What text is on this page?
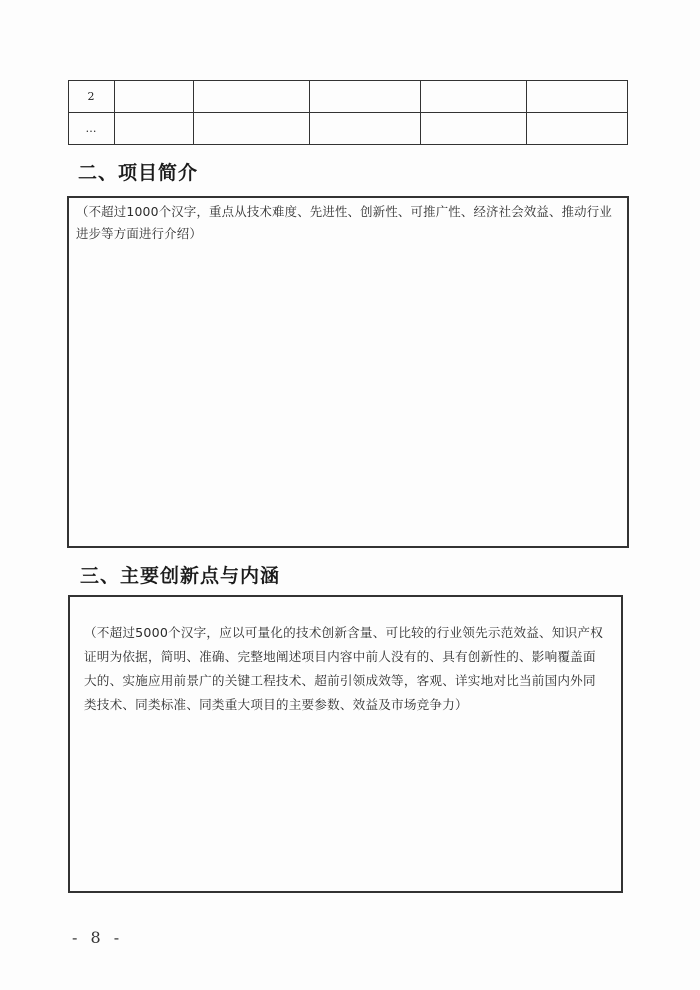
2					
…					
二、项目简介
（不超过1000个汉字，重点从技术难度、先进性、创新性、可推广性、经济社会效益、推动行业进步等方面进行介绍）
三、主要创新点与内涵
（不超过5000个汉字，应以可量化的技术创新含量、可比较的行业领先示范效益、知识产权证明为依据，简明、准确、完整地阐述项目内容中前人没有的、具有创新性的、影响覆盖面大的、实施应用前景广的关键工程技术、超前引领成效等，客观、详实地对比当前国内外同类技术、同类标准、同类重大项目的主要参数、效益及市场竞争力）
- 8 -
